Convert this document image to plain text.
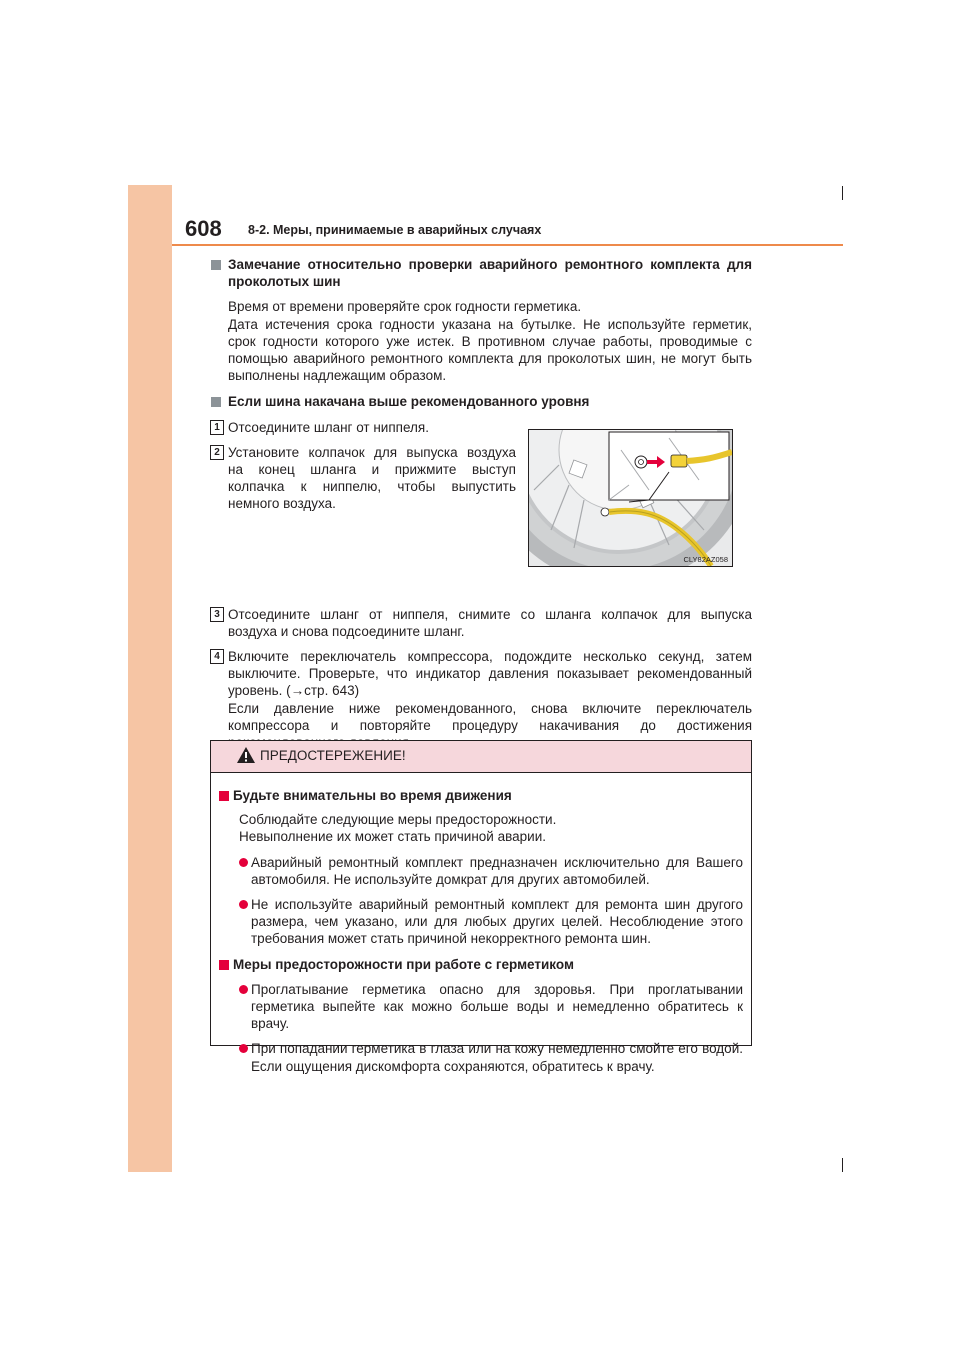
608 8-2. Меры, принимаемые в аварийных случаях
Замечание относительно проверки аварийного ремонтного комплекта для
проколотых шин
Время от времени проверяйте срок годности герметика.
Дата истечения срока годности указана на бутылке. Не используйте герметик,
срок годности которого уже истек. В противном случае работы, проводимые с
помощью аварийного ремонтного комплекта для проколотых шин, не могут быть
выполнены надлежащим образом.
Если шина накачана выше рекомендованного уровня
1 Отсоедините шланг от ниппеля.
2 Установите колпачок для выпуска воздуха
на конец шланга и прижмите выступ
колпачка к ниппелю, чтобы выпустить
немного воздуха.
3 Отсоедините шланг от ниппеля, снимите со шланга колпачок для выпуска
воздуха и снова подсоедините шланг.
4 Включите переключатель компрессора, подождите несколько секунд, затем
выключите. Проверьте, что индикатор давления показывает рекомендованный
уровень. (→стр. 643)
Если давление ниже рекомендованного, снова включите переключатель
компрессора и повторяйте процедуру накачивания до достижения
CLY82AZ058
ПРЕДОСТЕРЕЖЕНИЕ!
Будьте внимательны во время движения
Соблюдайте следующие меры предосторожности.
Невыполнение их может стать причиной аварии.
Аварийный ремонтный комплект предназначен исключительно для Вашего
автомобиля. Не используйте домкрат для других автомобилей.
Не используйте аварийный ремонтный комплект для ремонта шин другого
размера, чем указано, или для любых других целей. Несоблюдение этого
требования может стать причиной некорректного ремонта шин.
Меры предосторожности при работе с герметиком
Проглатывание герметика опасно для здоровья. При проглатывании
герметика выпейте как можно больше воды и немедленно обратитесь к врачу.
При попадании герметика в глаза или на кожу немедленно смойте его водой.
Если ощущения дискомфорта сохраняются, обратитесь к врачу.
